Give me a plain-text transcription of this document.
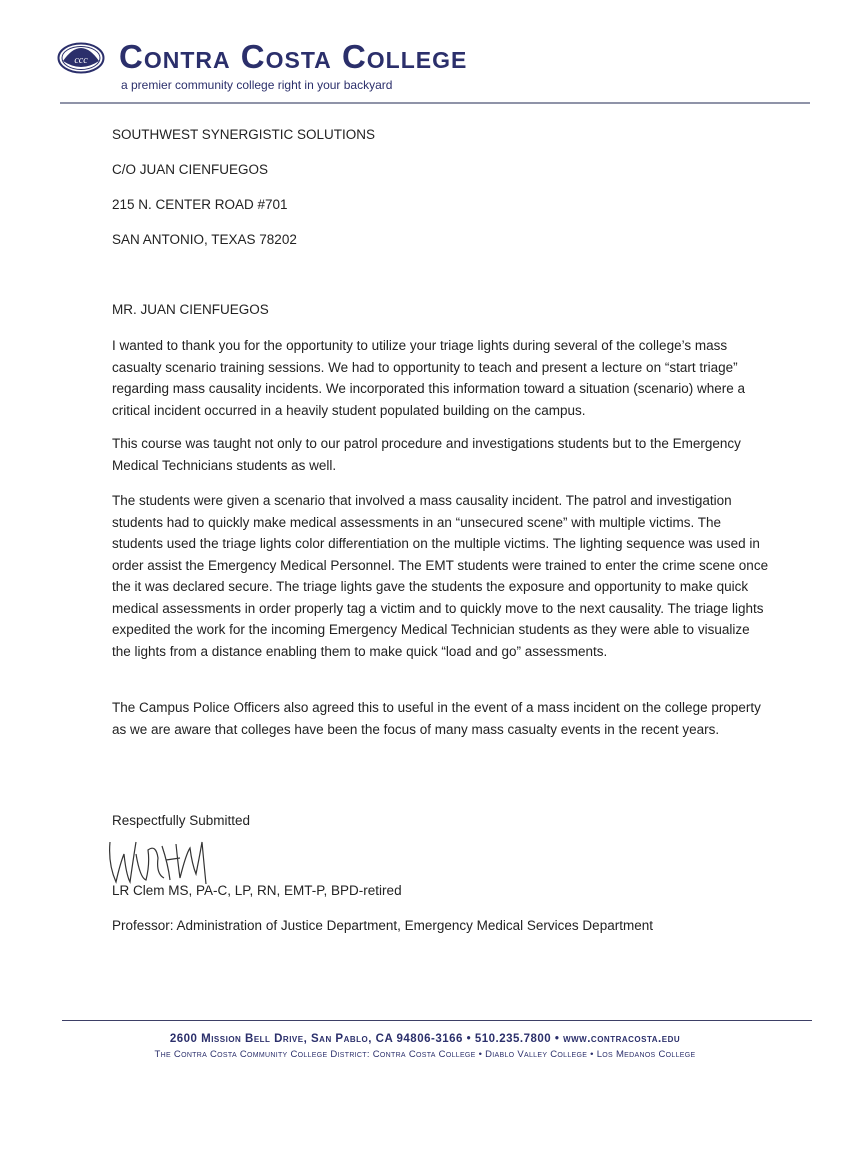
ccc Contra Costa College
a premier community college right in your backyard
SOUTHWEST SYNERGISTIC SOLUTIONS
C/O JUAN CIENFUEGOS
215 N. CENTER ROAD #701
SAN ANTONIO, TEXAS 78202
MR. JUAN CIENFUEGOS
I wanted to thank you for the opportunity to utilize your triage lights during several of the college’s mass casualty scenario training sessions. We had to opportunity to teach and present a lecture on “start triage” regarding mass causality incidents. We incorporated this information toward a situation (scenario) where a critical incident occurred in a heavily student populated building on the campus.
This course was taught not only to our patrol procedure and investigations students but to the Emergency Medical Technicians students as well.
The students were given a scenario that involved a mass causality incident. The patrol and investigation students had to quickly make medical assessments in an “unsecured scene” with multiple victims. The students used the triage lights color differentiation on the multiple victims. The lighting sequence was used in order assist the Emergency Medical Personnel. The EMT students were trained to enter the crime scene once the it was declared secure. The triage lights gave the students the exposure and opportunity to make quick medical assessments in order properly tag a victim and to quickly move to the next causality. The triage lights expedited the work for the incoming Emergency Medical Technician students as they were able to visualize the lights from a distance enabling them to make quick “load and go” assessments.
The Campus Police Officers also agreed this to useful in the event of a mass incident on the college property as we are aware that colleges have been the focus of many mass casualty events in the recent years.
Respectfully Submitted
LR Clem MS, PA-C, LP, RN, EMT-P, BPD-retired
Professor: Administration of Justice Department, Emergency Medical Services Department
2600 Mission Bell Drive, San Pablo, CA 94806-3166 • 510.235.7800 • www.contracosta.edu
The Contra Costa Community College District: Contra Costa College • Diablo Valley College • Los Medanos College
